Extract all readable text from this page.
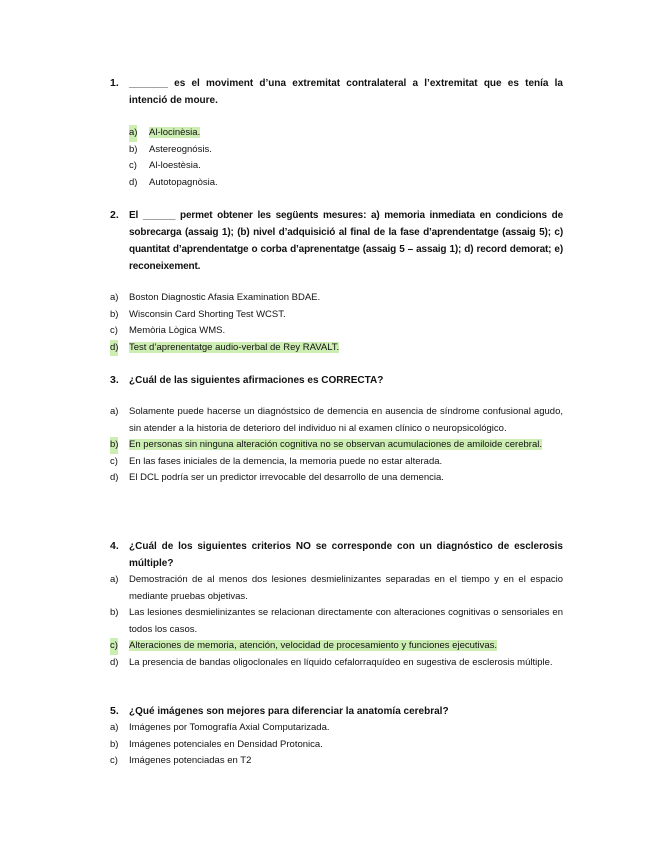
1. _______ es el moviment d’una extremitat contralateral a l’extremitat que es tenía la intenció de moure.
a) Al-locinèsia.
b) Astereognósis.
c) Al-loestèsia.
d) Autotopagnòsia.
2. El ______ permet obtener les següents mesures: a) memoria inmediata en condicions de sobrecarga (assaig 1); (b) nivel d’adquisició al final de la fase d’aprendentatge (assaig 5); c) quantitat d’aprendentatge o corba d’aprenentatge (assaig 5 – assaig 1); d) record demorat; e) reconeixement.
a) Boston Diagnostic Afasia Examination BDAE.
b) Wisconsin Card Shorting Test WCST.
c) Memòria Lògica WMS.
d) Test d’aprenentatge audio-verbal de Rey RAVALT.
3. ¿Cuál de las siguientes afirmaciones es CORRECTA?
a) Solamente puede hacerse un diagnóstsico de demencia en ausencia de síndrome confusional agudo, sin atender a la historia de deterioro del individuo ni al examen clínico o neuropsicológico.
b) En personas sin ninguna alteración cognitiva no se observan acumulaciones de amiloide cerebral.
c) En las fases iniciales de la demencia, la memoria puede no estar alterada.
d) El DCL podría ser un predictor irrevocable del desarrollo de una demencia.
4. ¿Cuál de los siguientes criterios NO se corresponde con un diagnóstico de esclerosis múltiple?
a) Demostración de al menos dos lesiones desmielinizantes separadas en el tiempo y en el espacio mediante pruebas objetivas.
b) Las lesiones desmielinizantes se relacionan directamente con alteraciones cognitivas o sensoriales en todos los casos.
c) Alteraciones de memoria, atención, velocidad de procesamiento y funciones ejecutivas.
d) La presencia de bandas oligoclonales en líquido cefalorraquídeo en sugestiva de esclerosis múltiple.
5. ¿Qué imágenes son mejores para diferenciar la anatomía cerebral?
a) Imágenes por Tomografía Axial Computarizada.
b) Imágenes potenciales en Densidad Protonica.
c) Imágenes potenciadas en T2
